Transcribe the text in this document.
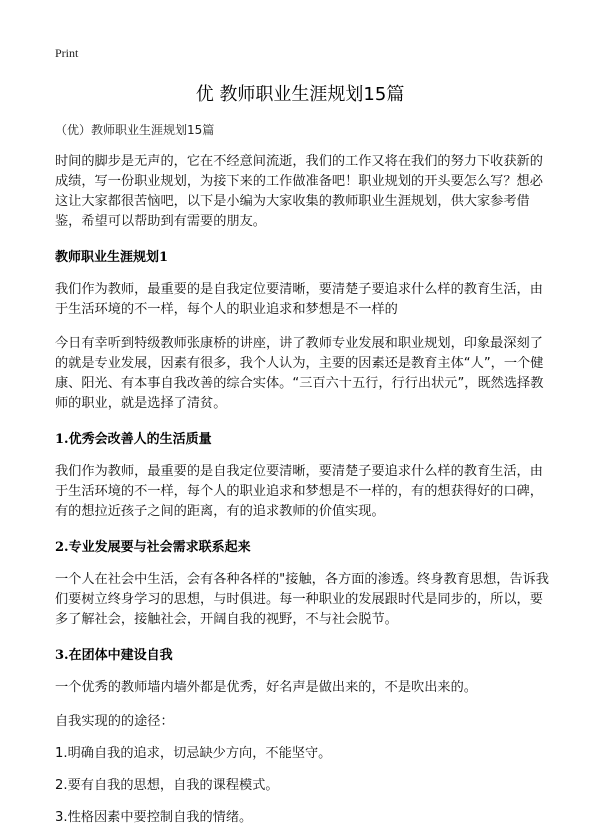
Print
优 教师职业生涯规划15篇
（优）教师职业生涯规划15篇

时间的脚步是无声的，它在不经意间流逝，我们的工作又将在我们的努力下收获新的成绩，写一份职业规划，为接下来的工作做准备吧！职业规划的开头要怎么写？想必这让大家都很苦恼吧，以下是小编为大家收集的教师职业生涯规划，供大家参考借鉴，希望可以帮助到有需要的朋友。

教师职业生涯规划1

我们作为教师，最重要的是自我定位要清晰，要清楚子要追求什么样的教育生活，由于生活环境的不一样，每个人的职业追求和梦想是不一样的

今日有幸听到特级教师张康桥的讲座，讲了教师专业发展和职业规划，印象最深刻了的就是专业发展，因素有很多，我个人认为，主要的因素还是教育主体“人”，一个健康、阳光、有本事自我改善的综合实体。“三百六十五行，行行出状元”，既然选择教师的职业，就是选择了清贫。

1.优秀会改善人的生活质量

我们作为教师，最重要的是自我定位要清晰，要清楚子要追求什么样的教育生活，由于生活环境的不一样，每个人的职业追求和梦想是不一样的，有的想获得好的口碑，有的想拉近孩子之间的距离，有的追求教师的价值实现。

2.专业发展要与社会需求联系起来

一个人在社会中生活，会有各种各样的"接触，各方面的渗透。终身教育思想，告诉我们要树立终身学习的思想，与时俱进。每一种职业的发展跟时代是同步的，所以，要多了解社会，接触社会，开阔自我的视野，不与社会脱节。

3.在团体中建设自我

一个优秀的教师墙内墙外都是优秀，好名声是做出来的，不是吹出来的。

自我实现的的途径：

1.明确自我的追求，切忌缺少方向，不能坚守。

2.要有自我的思想，自我的课程模式。

3.性格因素中要控制自我的情绪。
